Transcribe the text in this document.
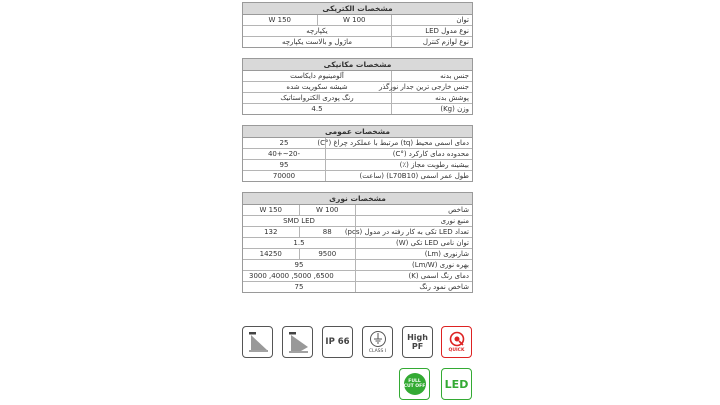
مشخصات الکتریکی
توان
100 W
150 W
نوع مدول LED
یکپارچه
نوع لوازم کنترل
ماژول و بالاست یکپارچه
مشخصات مکانیکی
جنس بدنه
آلومینیوم دایکاست
جنس خارجی ترین جدار نورگذر
شیشه سکوریت شده
پوشش بدنه
رنگ پودری الکترواستاتیک
وزن (Kg)
4.5
مشخصات عمومی
دمای اسمی محیط (tq) مرتبط با عملکرد چراغ (°C)
25
محدوده دمای کارکرد (°C)
-20~+40
بیشینه رطوبت مجاز (٪)
95
طول عمر اسمی (L70B10) (ساعت)
70000
مشخصات نوری
شاخص
100 W
150 W
منبع نوری
SMD LED
تعداد LED تکی به کار رفته در مدول (pcs)
88
132
توان نامی LED تکی (W)
1.5
شارنوری (Lm)
9500
14250
بهره نوری (Lm/W)
95
دمای رنگ اسمی (K)
6500, 5000, 4000, 3000
شاخص نمود رنگ
75
IP 66
CLASS I
High
PF	QUICK
FULL
CUT OFF LED
